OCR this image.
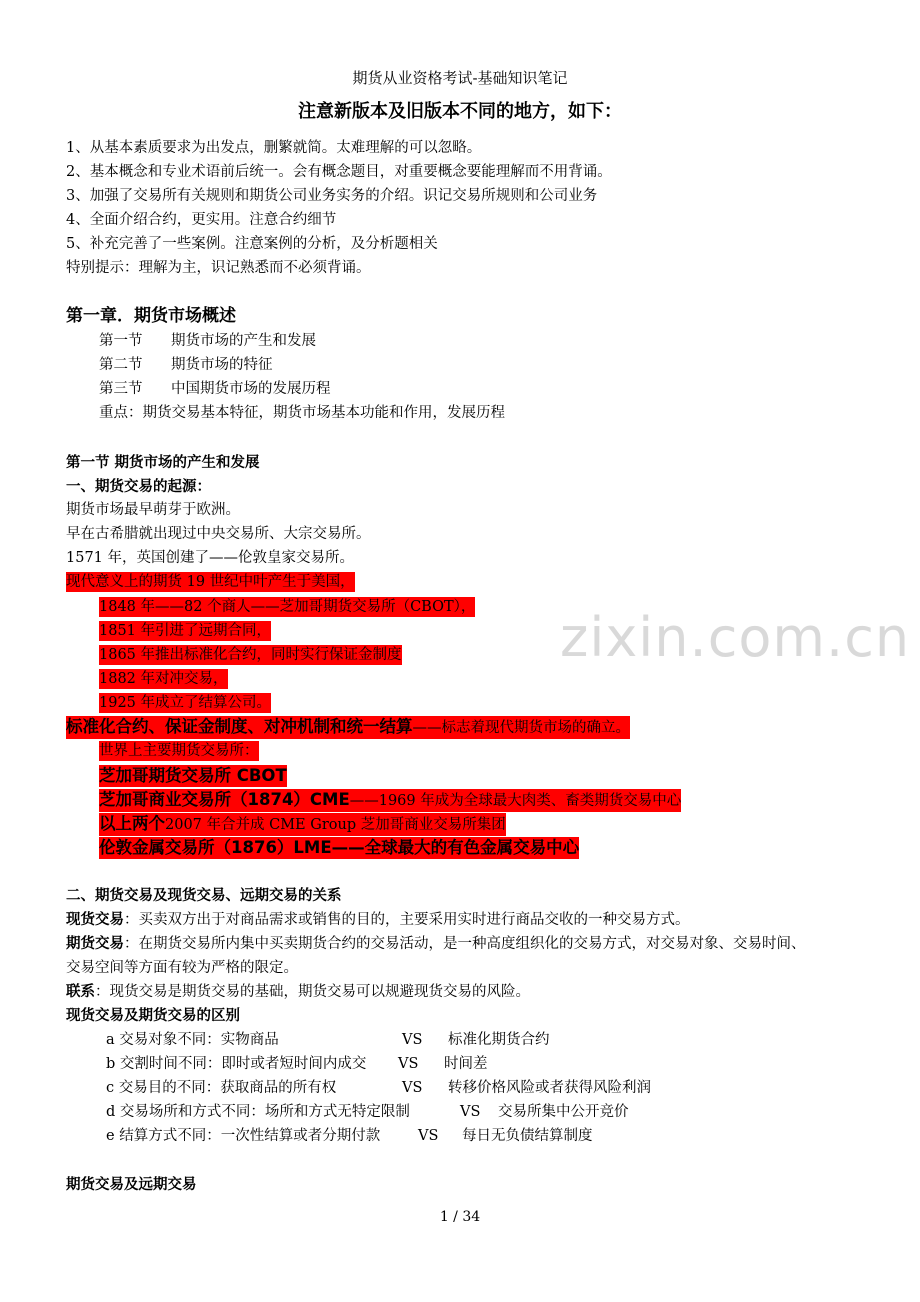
zixin.com.cn
期货从业资格考试-基础知识笔记
注意新版本及旧版本不同的地方，如下：
1、从基本素质要求为出发点，删繁就简。太难理解的可以忽略。
2、基本概念和专业术语前后统一。会有概念题目，对重要概念要能理解而不用背诵。
3、加强了交易所有关规则和期货公司业务实务的介绍。识记交易所规则和公司业务
4、全面介绍合约，更实用。注意合约细节
5、补充完善了一些案例。注意案例的分析，及分析题相关
特别提示：理解为主，识记熟悉而不必须背诵。
第一章．期货市场概述
第一节 期货市场的产生和发展
第二节 期货市场的特征
第三节 中国期货市场的发展历程
重点：期货交易基本特征，期货市场基本功能和作用，发展历程
第一节 期货市场的产生和发展
一、期货交易的起源：
期货市场最早萌芽于欧洲。
早在古希腊就出现过中央交易所、大宗交易所。
1571 年，英国创建了——伦敦皇家交易所。
现代意义上的期货 19 世纪中叶产生于美国，
1848 年——82 个商人——芝加哥期货交易所（CBOT），
1851 年引进了远期合同，
1865 年推出标准化合约，同时实行保证金制度
1882 年对冲交易，
1925 年成立了结算公司。
标准化合约、保证金制度、对冲机制和统一结算——标志着现代期货市场的确立。
世界上主要期货交易所：
芝加哥期货交易所 CBOT
芝加哥商业交易所（1874）CME——1969 年成为全球最大肉类、畜类期货交易中心
以上两个2007 年合并成 CME Group 芝加哥商业交易所集团
伦敦金属交易所（1876）LME——全球最大的有色金属交易中心
二、期货交易及现货交易、远期交易的关系
现货交易：买卖双方出于对商品需求或销售的目的，主要采用实时进行商品交收的一种交易方式。
期货交易：在期货交易所内集中买卖期货合约的交易活动，是一种高度组织化的交易方式，对交易对象、交易时间、
交易空间等方面有较为严格的限定。
联系：现货交易是期货交易的基础，期货交易可以规避现货交易的风险。
现货交易及期货交易的区别
a 交易对象不同：实物商品	VS 标准化期货合约
b 交割时间不同：即时或者短时间内成交 VS 时间差
c 交易目的不同：获取商品的所有权	VS 转移价格风险或者获得风险利润
d 交易场所和方式不同：场所和方式无特定限制	VS 交易所集中公开竞价
e 结算方式不同：一次性结算或者分期付款	VS 每日无负债结算制度
期货交易及远期交易
1 / 34
